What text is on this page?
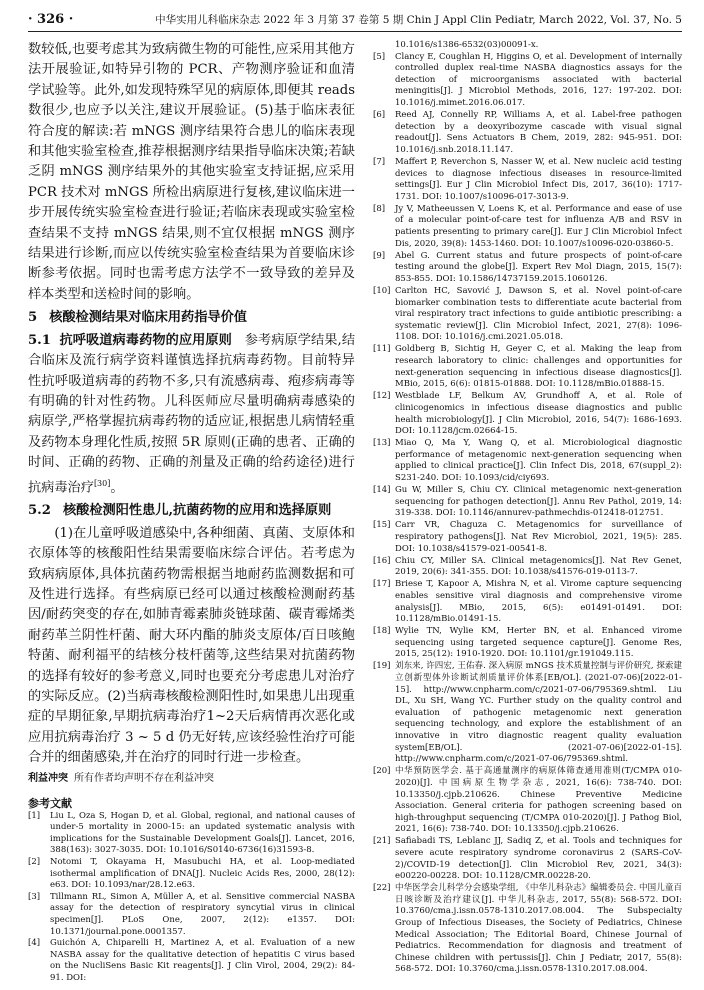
· 326 ·	中华实用儿科临床杂志 2022 年 3 月第 37 卷第 5 期 Chin J Appl Clin Pediatr, March 2022, Vol. 37, No. 5

数较低,也要考虑其为致病微生物的可能性,应采用其他方法开展验证,如特异引物的 PCR、产物测序验证和血清学试验等。此外,如发现特殊罕见的病原体,即便其 reads 数很少,也应予以关注,建议开展验证。(5)基于临床表征符合度的解读:若 mNGS 测序结果符合患儿的临床表现和其他实验室检查,推荐根据测序结果指导临床决策;若缺乏阴 mNGS 测序结果外的其他实验室支持证据,应采用 PCR 技术对 mNGS 所检出病原进行复核,建议临床进一步开展传统实验室检查进行验证;若临床表现或实验室检查结果不支持 mNGS 结果,则不宜仅根据 mNGS 测序结果进行诊断,而应以传统实验室检查结果为首要临床诊断参考依据。同时也需考虑方法学不一致导致的差异及样本类型和送检时间的影响。

5 核酸检测结果对临床用药指导价值

5.1 抗呼吸道病毒药物的应用原则 参考病原学结果,结合临床及流行病学资料谨慎选择抗病毒药物。目前特异性抗呼吸道病毒的药物不多,只有流感病毒、疱疹病毒等有明确的针对性药物。儿科医师应尽量明确病毒感染的病原学,严格掌握抗病毒药物的适应证,根据患儿病情轻重及药物本身理化性质,按照 5R 原则(正确的患者、正确的时间、正确的药物、正确的剂量及正确的给药途径)进行抗病毒治疗[30]。

5.2 核酸检测阳性患儿,抗菌药物的应用和选择原则

(1)在儿童呼吸道感染中,各种细菌、真菌、支原体和衣原体等的核酸阳性结果需要临床综合评估。若考虑为致病病原体,具体抗菌药物需根据当地耐药监测数据和可及性进行选择。有些病原已经可以通过核酸检测耐药基因/耐药突变的存在,如肺青霉素肺炎链球菌、碳青霉烯类耐药革兰阴性杆菌、耐大环内酯的肺炎支原体/百日咳鲍特菌、耐利福平的结核分枝杆菌等,这些结果对抗菌药物的选择有较好的参考意义,同时也要充分考虑患儿对治疗的实际反应。(2)当病毒核酸检测阳性时,如果患儿出现重症的早期征象,早期抗病毒治疗1~2天后病情再次恶化或应用抗病毒治疗 3 ~ 5 d 仍无好转,应该经验性治疗可能合并的细菌感染,并在治疗的同时行进一步检查。

利益冲突 所有作者均声明不存在利益冲突
参考文献
[1]	Liu L, Oza S, Hogan D, et al. Global, regional, and national causes of under-5 mortality in 2000-15: an updated systematic analysis with implications for the Sustainable Development Goals[J]. Lancet, 2016, 388(163): 3027-3035. DOI: 10.1016/S0140-6736(16)31593-8.
[2]	Notomi T, Okayama H, Masubuchi HA, et al. Loop-mediated isothermal amplification of DNA[J]. Nucleic Acids Res, 2000, 28(12): e63. DOI: 10.1093/nar/28.12.e63.
[3]	Tillmann RL, Simon A, Müller A, et al. Sensitive commercial NASBA assay for the detection of respiratory syncytial virus in clinical specimen[J]. PLoS One, 2007, 2(12): e1357. DOI: 10.1371/journal.pone.0001357.
[4]	Guichón A, Chiparelli H, Martinez A, et al. Evaluation of a new NASBA assay for the qualitative detection of hepatitis C virus based on the NucliSens Basic Kit reagents[J]. J Clin Virol, 2004, 29(2): 84-91. DOI:
10.1016/s1386-6532(03)00091-x.
[5]	Clancy E, Coughlan H, Higgins O, et al. Development of internally controlled duplex real-time NASBA diagnostics assays for the detection of microorganisms associated with bacterial meningitis[J]. J Microbiol Methods, 2016, 127: 197-202. DOI: 10.1016/j.mimet.2016.06.017.
[6]	Reed AJ, Connelly RP, Williams A, et al. Label-free pathogen detection by a deoxyribozyme cascade with visual signal readout[J]. Sens Actuators B Chem, 2019, 282: 945-951. DOI: 10.1016/j.snb.2018.11.147.
[7]	Maffert P, Reverchon S, Nasser W, et al. New nucleic acid testing devices to diagnose infectious diseases in resource-limited settings[J]. Eur J Clin Microbiol Infect Dis, 2017, 36(10): 1717-1731. DOI: 10.1007/s10096-017-3013-9.
[8]	Jy V, Matheeussen V, Loens K, et al. Performance and ease of use of a molecular point-of-care test for influenza A/B and RSV in patients presenting to primary care[J]. Eur J Clin Microbiol Infect Dis, 2020, 39(8): 1453-1460. DOI: 10.1007/s10096-020-03860-5.
[9]	Abel G. Current status and future prospects of point-of-care testing around the globe[J]. Expert Rev Mol Diagn, 2015, 15(7): 853-855. DOI: 10.1586/14737159.2015.1060126.
[10] Carlton HC, Savović J, Dawson S, et al. Novel point-of-care biomarker combination tests to differentiate acute bacterial from viral respiratory tract infections to guide antibiotic prescribing: a systematic review[J]. Clin Microbiol Infect, 2021, 27(8): 1096-1108. DOI: 10.1016/j.cmi.2021.05.018.
[11] Goldberg B, Sichtig H, Geyer C, et al. Making the leap from research laboratory to clinic: challenges and opportunities for next-generation sequencing in infectious disease diagnostics[J]. MBio, 2015, 6(6): 01815-01888. DOI: 10.1128/mBio.01888-15.
[12] Westblade LF, Belkum AV, Grundhoff A, et al. Role of clinicogenomics in infectious disease diagnostics and public health microbiology[J]. J Clin Microbiol, 2016, 54(7): 1686-1693. DOI: 10.1128/jcm.02664-15.
[13] Miao Q, Ma Y, Wang Q, et al. Microbiological diagnostic performance of metagenomic next-generation sequencing when applied to clinical practice[J]. Clin Infect Dis, 2018, 67(suppl_2): S231-240. DOI: 10.1093/cid/ciy693.
[14] Gu W, Miller S, Chiu CY. Clinical metagenomic next-generation sequencing for pathogen detection[J]. Annu Rev Pathol, 2019, 14: 319-338. DOI: 10.1146/annurev-pathmechdis-012418-012751.
[15] Carr VR, Chaguza C. Metagenomics for surveillance of respiratory pathogens[J]. Nat Rev Microbiol, 2021, 19(5): 285. DOI: 10.1038/s41579-021-00541-8.
[16] Chiu CY, Miller SA. Clinical metagenomics[J]. Nat Rev Genet, 2019, 20(6): 341-355. DOI: 10.1038/s41576-019-0113-7.
[17] Briese T, Kapoor A, Mishra N, et al. Virome capture sequencing enables sensitive viral diagnosis and comprehensive virome analysis[J]. MBio, 2015, 6(5): e01491-01491. DOI: 10.1128/mBio.01491-15.
[18] Wylie TN, Wylie KM, Herter BN, et al. Enhanced virome sequencing using targeted sequence capture[J]. Genome Res, 2015, 25(12): 1910-1920. DOI: 10.1101/gr.191049.115.
[19] 刘东来, 许四宏, 王佑春. 深入病原 mNGS 技术质量控制与评价研究, 探索建立创新型体外诊断试剂质量评价体系[EB/OL]. (2021-07-06)[2022-01-15]. http://www.cnpharm.com/c/2021-07-06/795369.shtml. Liu DL, Xu SH, Wang YC. Further study on the quality control and evaluation of pathogenic metagenomic next generation sequencing technology, and explore the establishment of an innovative in vitro diagnostic reagent quality evaluation system[EB/OL]. (2021-07-06)[2022-01-15]. http://www.cnpharm.com/c/2021-07-06/795369.shtml.
[20] 中华预防医学会. 基于高通量测序的病原体筛查通用准则(T/CMPA 010-2020)[J]. 中国病原生物学杂志, 2021, 16(6): 738-740. DOI: 10.13350/j.cjpb.210626. Chinese Preventive Medicine Association. General criteria for pathogen screening based on high-throughput sequencing (T/CMPA 010-2020)[J]. J Pathog Biol, 2021, 16(6): 738-740. DOI: 10.13350/j.cjpb.210626.
[21] Safiabadi TS, Leblanc JJ, Sadiq Z, et al. Tools and techniques for severe acute respiratory syndrome coronavirus 2 (SARS-CoV-2)/COVID-19 detection[J]. Clin Microbiol Rev, 2021, 34(3): e00220-00228. DOI: 10.1128/CMR.00228-20.
[22] 中华医学会儿科学分会感染学组, 《中华儿科杂志》编辑委员会. 中国儿童百日咳诊断及治疗建议[J]. 中华儿科杂志, 2017, 55(8): 568-572. DOI: 10.3760/cma.j.issn.0578-1310.2017.08.004. The Subspecialty Group of Infectious Diseases, the Society of Pediatrics, Chinese Medical Association; The Editorial Board, Chinese Journal of Pediatrics. Recommendation for diagnosis and treatment of Chinese children with pertussis[J]. Chin J Pediatr, 2017, 55(8): 568-572. DOI: 10.3760/cma.j.issn.0578-1310.2017.08.004.
